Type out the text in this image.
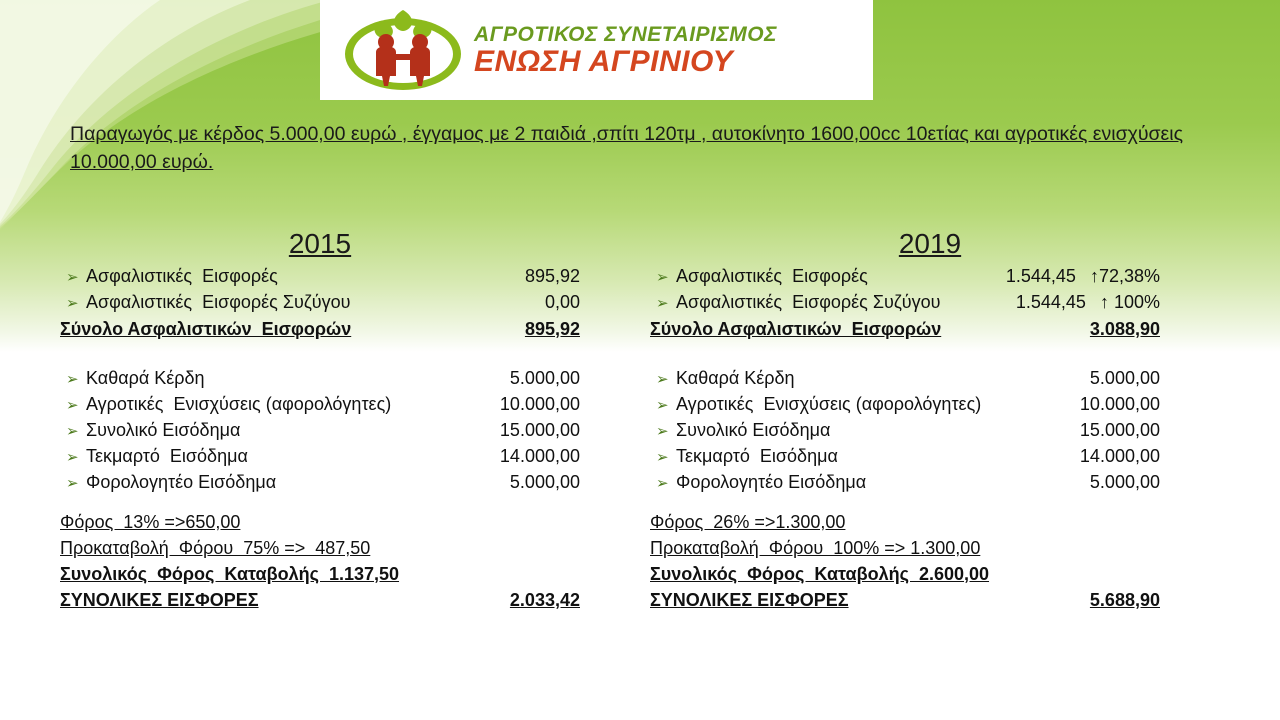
ΑΓΡΟΤΙΚΟΣ ΣΥΝΕΤΑΙΡΙΣΜΟΣ
ΕΝΩΣΗ ΑΓΡΙΝΙΟΥ
Παραγωγός με κέρδος 5.000,00 ευρώ , έγγαμος με 2 παιδιά ,σπίτι 120τμ , αυτοκίνητο 1600,00cc 10ετίας και αγροτικές ενισχύσεις 10.000,00 ευρώ.
2015
➢ Ασφαλιστικές  Εισφορές	895,92
➢ Ασφαλιστικές  Εισφορές Συζύγου	0,00
Σύνολο Ασφαλιστικών  Εισφορών	895,92
➢ Καθαρά Κέρδη	5.000,00
➢ Αγροτικές  Ενισχύσεις (αφορολόγητες)	10.000,00
➢ Συνολικό Εισόδημα	15.000,00
➢ Τεκμαρτό  Εισόδημα	14.000,00
➢ Φορολογητέο Εισόδημα	5.000,00
Φόρος  13% =>650,00
Προκαταβολή  Φόρου  75% =>  487,50
Συνολικός  Φόρος  Καταβολής  1.137,50
ΣΥΝΟΛΙΚΕΣ ΕΙΣΦΟΡΕΣ	2.033,42
2019
➢ Ασφαλιστικές  Εισφορές	1.544,45 ↑72,38%
➢ Ασφαλιστικές  Εισφορές Συζύγου	1.544,45 ↑ 100%
Σύνολο Ασφαλιστικών  Εισφορών	3.088,90
➢ Καθαρά Κέρδη	5.000,00
➢ Αγροτικές  Ενισχύσεις (αφορολόγητες)	10.000,00
➢ Συνολικό Εισόδημα	15.000,00
➢ Τεκμαρτό  Εισόδημα	14.000,00
➢ Φορολογητέο Εισόδημα	5.000,00
Φόρος  26% =>1.300,00
Προκαταβολή  Φόρου  100% => 1.300,00
Συνολικός  Φόρος  Καταβολής  2.600,00
ΣΥΝΟΛΙΚΕΣ ΕΙΣΦΟΡΕΣ	5.688,90
